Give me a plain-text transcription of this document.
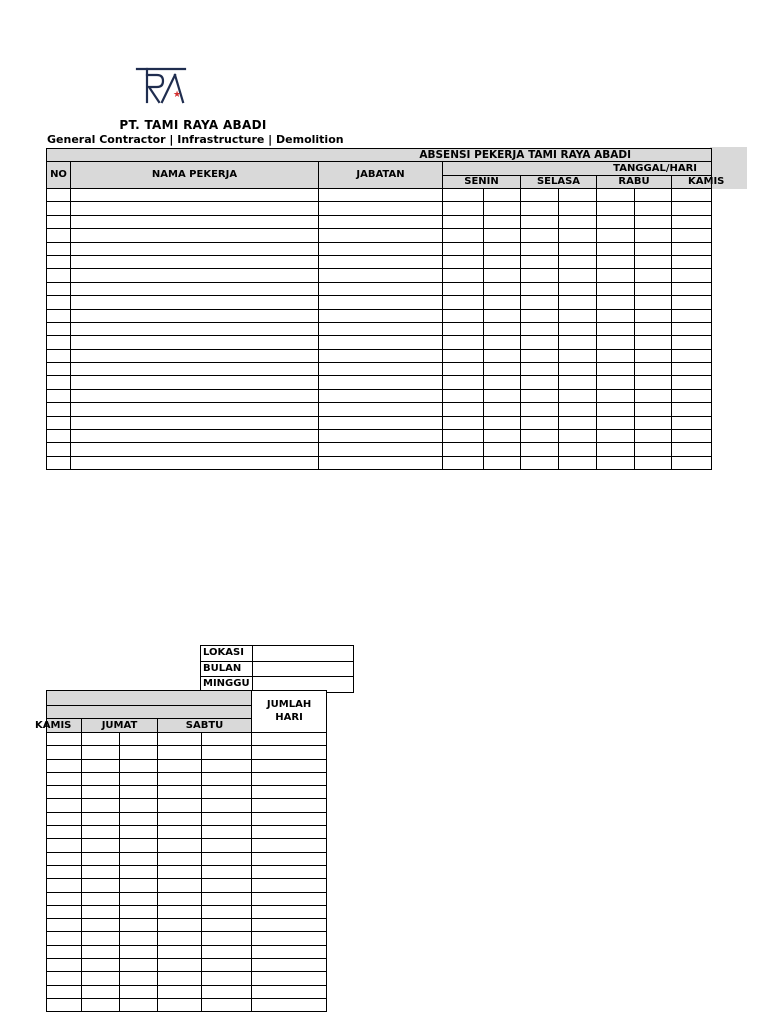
★
PT. TAMI RAYA ABADI
General Contractor | Infrastructure | Demolition
ABSENSI PEKERJA TAMI RAYA ABADI									
NO	NAMA PEKERJA	JABATAN	TANGGAL/HARI						
			SENIN		SELASA		RABU		KAMIS

LOKASI	
BULAN	
MINGGU	
					JUMLAH HARI

KAMIS	JUMAT		SABTU		
